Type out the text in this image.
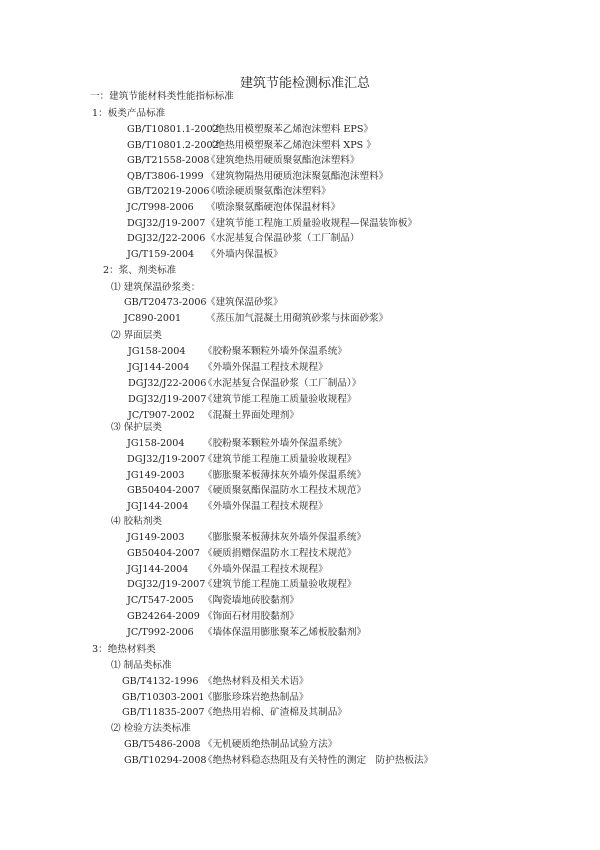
建筑节能检测标准汇总
一：建筑节能材料类性能指标标准
1：板类产品标准
GB/T10801.1-2002
《绝热用模塑聚苯乙烯泡沫塑料 EPS》
GB/T10801.2-2002
《绝热用模塑聚苯乙烯泡沫塑料 XPS 》
GB/T21558-2008
《建筑绝热用硬质聚氨酯泡沫塑料》
QB/T3806-1999 《建筑物隔热用硬质泡沫聚氨酯泡沫塑料》
GB/T20219-2006
《喷涂硬质聚氨酯泡沫塑料》
JC/T998-2006 《喷涂聚氨酯硬泡体保温材料》
DGJ32/J19-2007 《建筑节能工程施工质量验收规程—保温装饰板》
DGJ32/J22-2006 《水泥基复合保温砂浆（工厂制品）
JG/T159-2004 《外墙内保温板》
2：浆、剂类标准
⑴ 建筑保温砂浆类：
GB/T20473-2006 《建筑保温砂浆》
JC890-2001	《蒸压加气混凝土用砌筑砂浆与抹面砂浆》
⑵ 界面层类
JG158-2004 《胶粉聚苯颗粒外墙外保温系统》
JGJ144-2004 《外墙外保温工程技术规程》
DGJ32/J22-2006
《水泥基复合保温砂浆（工厂制品）》
DGJ32/J19-2007
《建筑节能工程施工质量验收规程》
JC/T907-2002 《混凝土界面处理剂》
⑶ 保护层类
JG158-2004 《胶粉聚苯颗粒外墙外保温系统》
DGJ32/J19-2007
《建筑节能工程施工质量验收规程》
JG149-2003 《膨胀聚苯板薄抹灰外墙外保温系统》
GB50404-2007 《硬质聚氨酯保温防水工程技术规范》
JGJ144-2004 《外墙外保温工程技术规程》
⑷ 胶粘剂类
JG149-2003 《膨胀聚苯板薄抹灰外墙外保温系统》
GB50404-2007 《硬质捐赠保温防水工程技术规范》
JGJ144-2004 《外墙外保温工程技术规程》
DGJ32/J19-2007
《建筑节能工程施工质量验收规程》
JC/T547-2005 《陶瓷墙地砖胶黏剂》
GB24264-2009 《饰面石材用胶黏剂》
JC/T992-2006 《墙体保温用膨胀聚苯乙烯板胶黏剂》
3：绝热材料类
⑴ 制品类标准
GB/T4132-1996 《绝热材料及相关术语》
GB/T10303-2001
《膨胀珍珠岩绝热制品》
GB/T11835-2007
《绝热用岩棉、矿渣棉及其制品》
⑵ 检验方法类标准
GB/T5486-2008 《无机硬质绝热制品试验方法》
GB/T10294-2008
《绝热材料稳态热阻及有关特性的测定　防护热板法》
